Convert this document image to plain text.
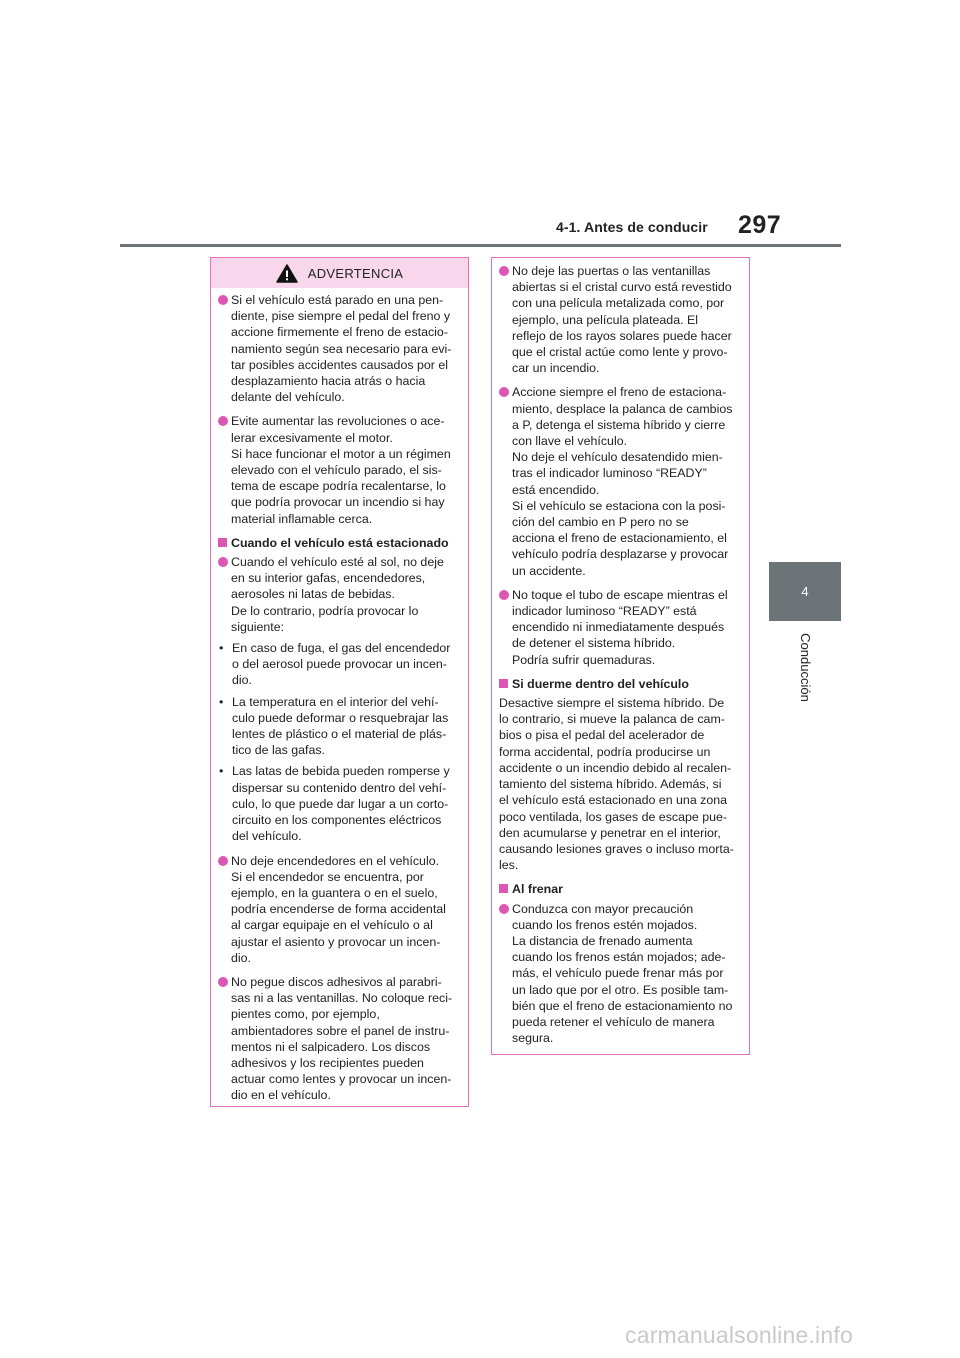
4-1. Antes de conducir 297
4
Conducción
ADVERTENCIA
Si el vehículo está parado en una pen-
diente, pise siempre el pedal del freno y
accione firmemente el freno de estacio-
namiento según sea necesario para evi-
tar posibles accidentes causados por el
desplazamiento hacia atrás o hacia
delante del vehículo.
Evite aumentar las revoluciones o ace-
lerar excesivamente el motor.
Si hace funcionar el motor a un régimen
elevado con el vehículo parado, el sis-
tema de escape podría recalentarse, lo
que podría provocar un incendio si hay
material inflamable cerca.
Cuando el vehículo está estacionado
Cuando el vehículo esté al sol, no deje
en su interior gafas, encendedores,
aerosoles ni latas de bebidas.
De lo contrario, podría provocar lo
siguiente:
• En caso de fuga, el gas del encendedor
o del aerosol puede provocar un incen-
dio.
• La temperatura en el interior del vehí-
culo puede deformar o resquebrajar las
lentes de plástico o el material de plás-
tico de las gafas.
• Las latas de bebida pueden romperse y
dispersar su contenido dentro del vehí-
culo, lo que puede dar lugar a un corto-
circuito en los componentes eléctricos
del vehículo.
No deje encendedores en el vehículo.
Si el encendedor se encuentra, por
ejemplo, en la guantera o en el suelo,
podría encenderse de forma accidental
al cargar equipaje en el vehículo o al
ajustar el asiento y provocar un incen-
dio.
No pegue discos adhesivos al parabri-
sas ni a las ventanillas. No coloque reci-
pientes como, por ejemplo,
ambientadores sobre el panel de instru-
mentos ni el salpicadero. Los discos
adhesivos y los recipientes pueden
actuar como lentes y provocar un incen-
dio en el vehículo.
No deje las puertas o las ventanillas
abiertas si el cristal curvo está revestido
con una película metalizada como, por
ejemplo, una película plateada. El
reflejo de los rayos solares puede hacer
que el cristal actúe como lente y provo-
car un incendio.
Accione siempre el freno de estaciona-
miento, desplace la palanca de cambios
a P, detenga el sistema híbrido y cierre
con llave el vehículo.
No deje el vehículo desatendido mien-
tras el indicador luminoso “READY”
está encendido.
Si el vehículo se estaciona con la posi-
ción del cambio en P pero no se
acciona el freno de estacionamiento, el
vehículo podría desplazarse y provocar
un accidente.
No toque el tubo de escape mientras el
indicador luminoso “READY” está
encendido ni inmediatamente después
de detener el sistema híbrido.
Podría sufrir quemaduras.
Si duerme dentro del vehículo
Desactive siempre el sistema híbrido. De
lo contrario, si mueve la palanca de cam-
bios o pisa el pedal del acelerador de
forma accidental, podría producirse un
accidente o un incendio debido al recalen-
tamiento del sistema híbrido. Además, si
el vehículo está estacionado en una zona
poco ventilada, los gases de escape pue-
den acumularse y penetrar en el interior,
causando lesiones graves o incluso morta-
les.
Al frenar
Conduzca con mayor precaución
cuando los frenos estén mojados.
La distancia de frenado aumenta
cuando los frenos están mojados; ade-
más, el vehículo puede frenar más por
un lado que por el otro. Es posible tam-
bién que el freno de estacionamiento no
pueda retener el vehículo de manera
segura.
carmanualsonline.info
